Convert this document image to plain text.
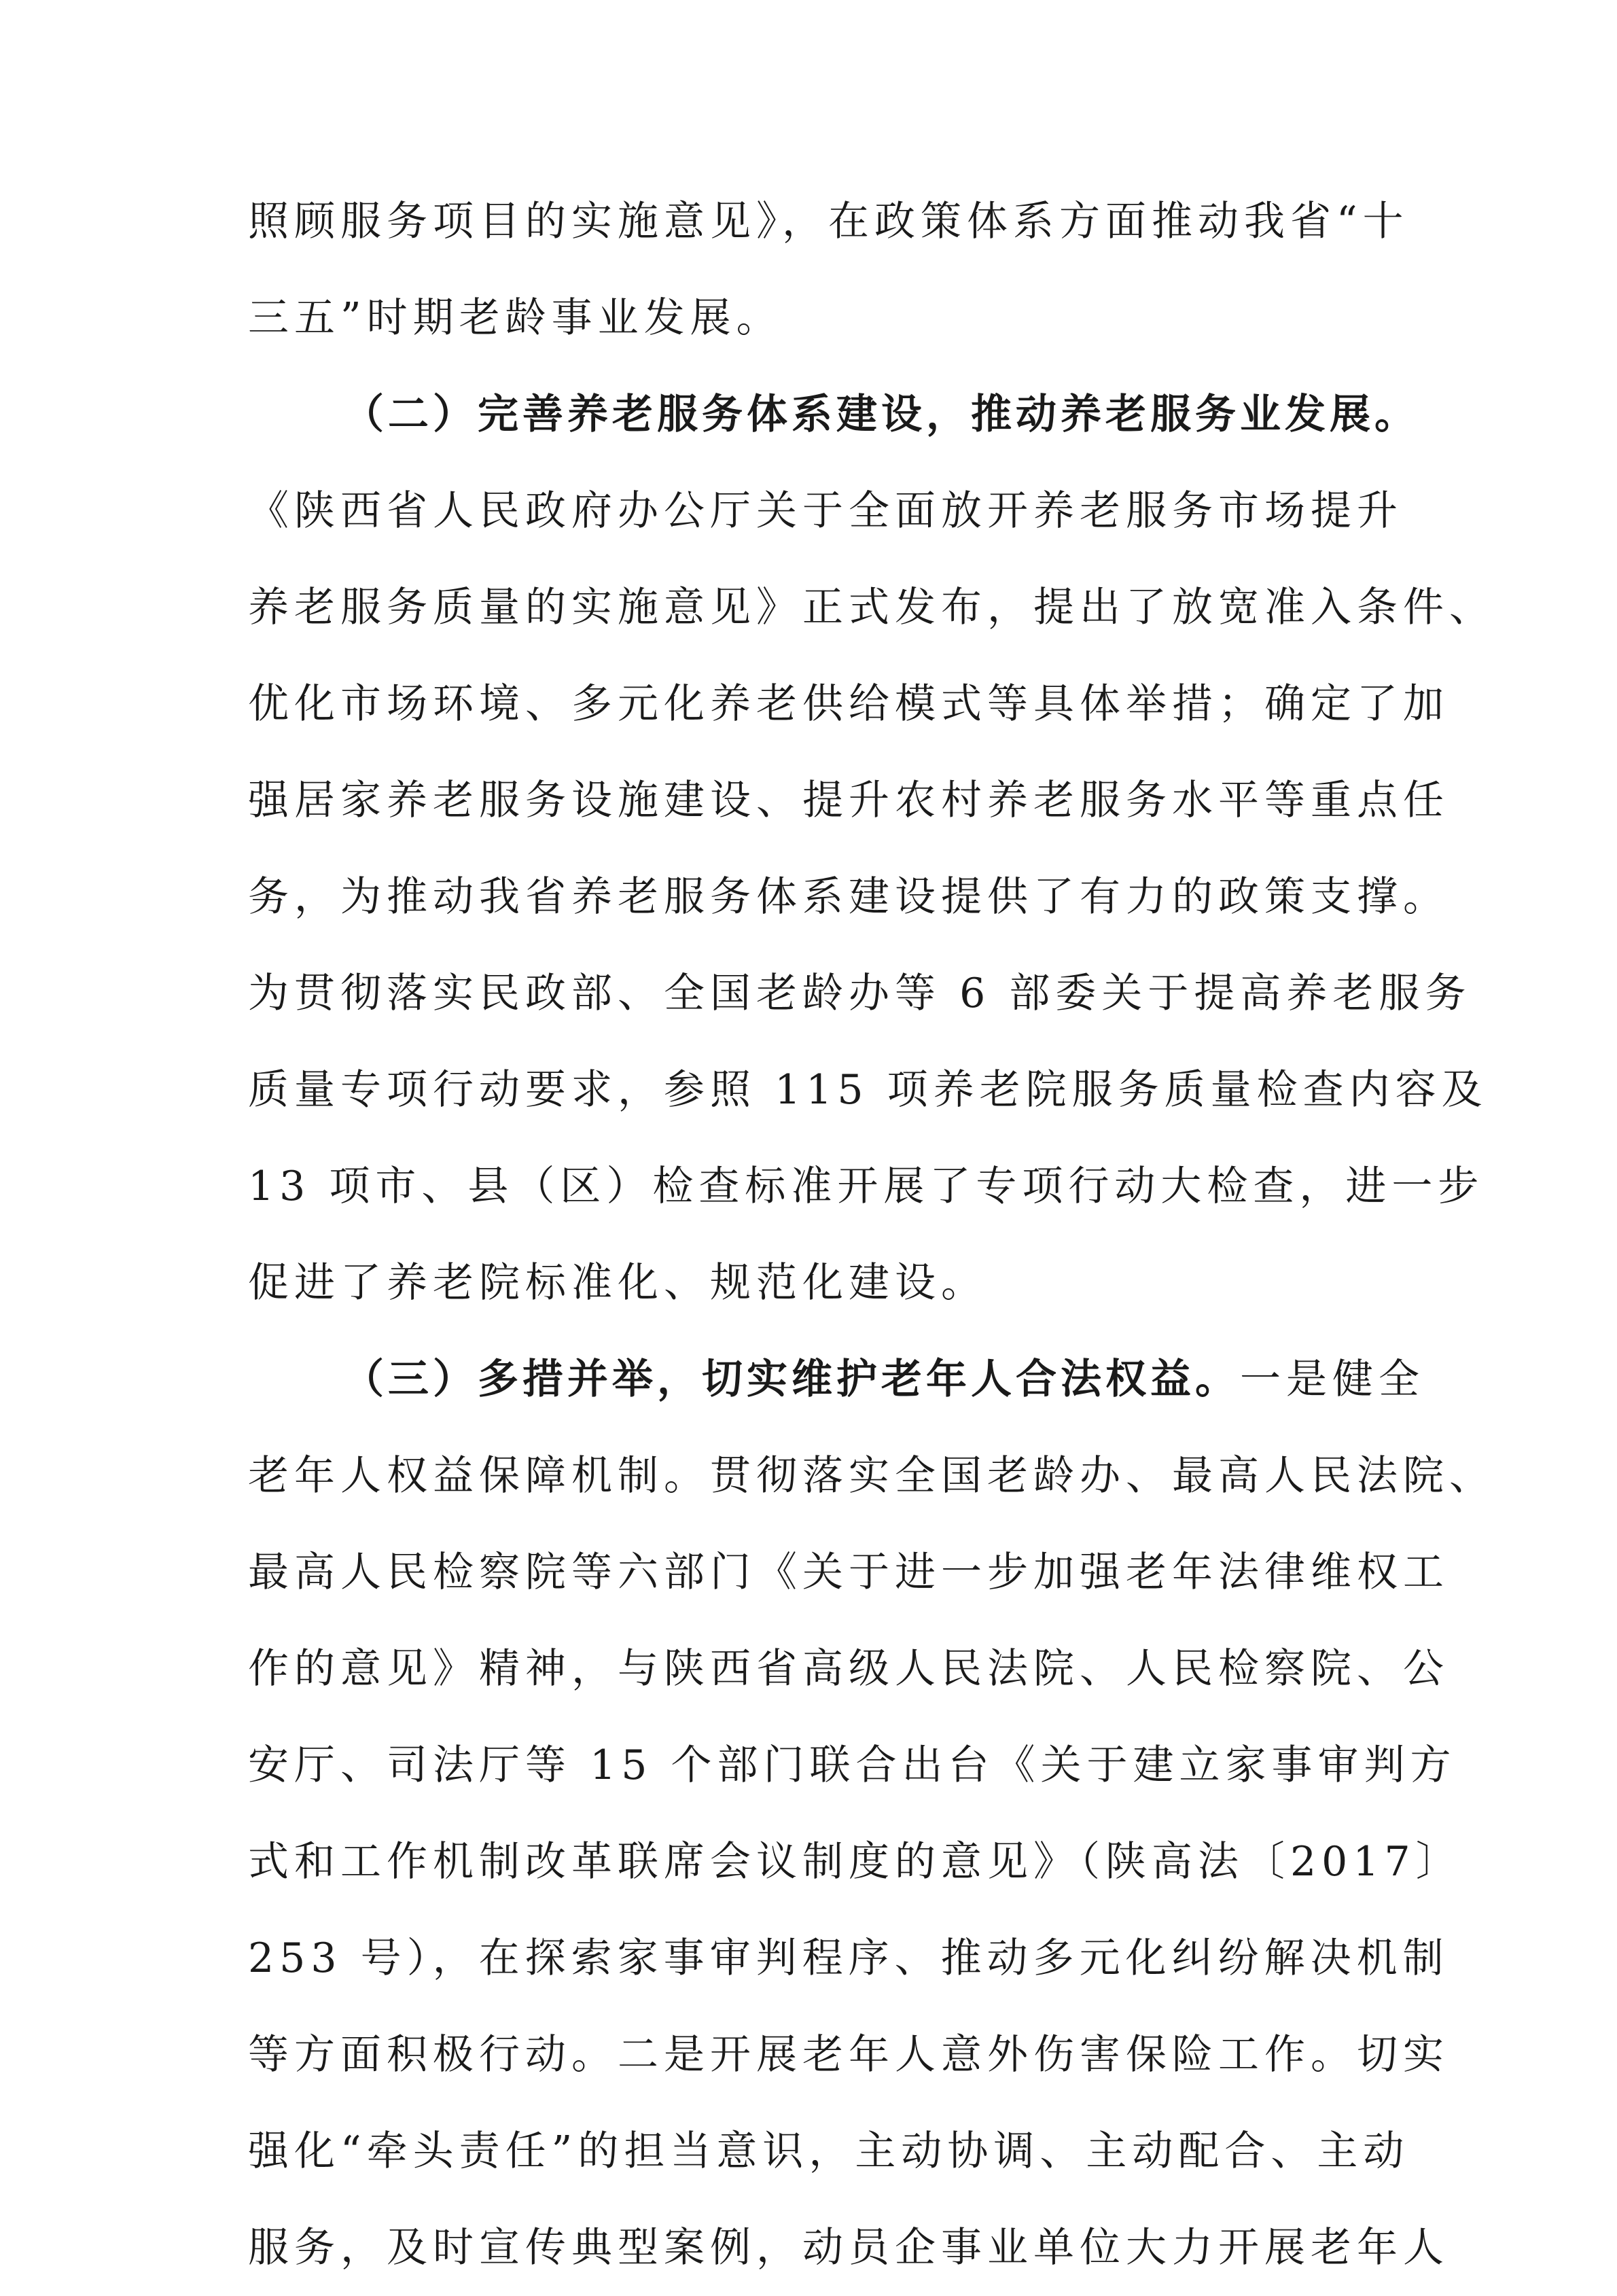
照顾服务项目的实施意见》，在政策体系方面推动我省“十
三五”时期老龄事业发展。
（二）完善养老服务体系建设，推动养老服务业发展。
《陕西省人民政府办公厅关于全面放开养老服务市场提升
养老服务质量的实施意见》正式发布，提出了放宽准入条件、
优化市场环境、多元化养老供给模式等具体举措；确定了加
强居家养老服务设施建设、提升农村养老服务水平等重点任
务，为推动我省养老服务体系建设提供了有力的政策支撑。
为贯彻落实民政部、全国老龄办等 6 部委关于提高养老服务
质量专项行动要求，参照 115 项养老院服务质量检查内容及
13 项市、县（区）检查标准开展了专项行动大检查，进一步
促进了养老院标准化、规范化建设。
（三）多措并举，切实维护老年人合法权益。一是健全
老年人权益保障机制。贯彻落实全国老龄办、最高人民法院、
最高人民检察院等六部门《关于进一步加强老年法律维权工
作的意见》精神，与陕西省高级人民法院、人民检察院、公
安厅、司法厅等 15 个部门联合出台《关于建立家事审判方
式和工作机制改革联席会议制度的意见》（陕高法〔2017〕
253 号），在探索家事审判程序、推动多元化纠纷解决机制
等方面积极行动。二是开展老年人意外伤害保险工作。切实
强化“牵头责任”的担当意识，主动协调、主动配合、主动
服务，及时宣传典型案例，动员企事业单位大力开展老年人
